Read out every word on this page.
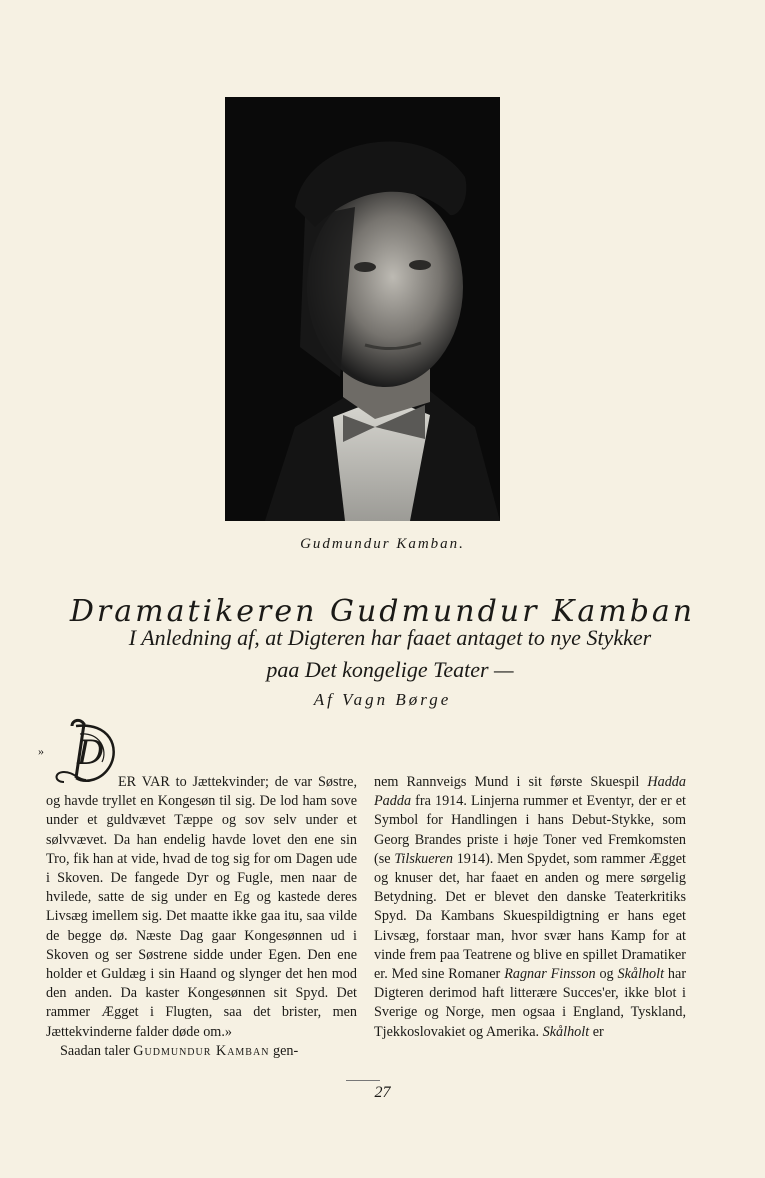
Gudmundur Kamban.
Dramatikeren Gudmundur Kamban
I Anledning af, at Digteren har faaet antaget to nye Stykker
paa Det kongelige Teater —
Af Vagn Børge
» D

ER VAR to Jættekvinder; de var Søstre, og havde tryllet en Kongesøn til sig. De lod ham sove under et guldvævet Tæppe og sov selv under et sølvvævet. Da han endelig havde lovet den ene sin Tro, fik han at vide, hvad de tog sig for om Dagen ude i Skoven. De fangede Dyr og Fugle, men naar de hvilede, satte de sig under en Eg og kastede deres Livsæg imellem sig. Det maatte ikke gaa itu, saa vilde de begge dø. Næste Dag gaar Kongesønnen ud i Skoven og ser Søstrene sidde under Egen. Den ene holder et Guldæg i sin Haand og slynger det hen mod den anden. Da kaster Kongesønnen sit Spyd. Det rammer Ægget i Flugten, saa det brister, men Jættekvinderne falder døde om.»

Saadan taler Gudmundur Kamban gen-

nem Rannveigs Mund i sit første Skuespil Hadda Padda fra 1914. Linjerna rummer et Eventyr, der er et Symbol for Handlingen i hans Debut-Stykke, som Georg Brandes priste i høje Toner ved Fremkomsten (se Tilskueren 1914). Men Spydet, som rammer Ægget og knuser det, har faaet en anden og mere sørgelig Betydning. Det er blevet den danske Teaterkritiks Spyd. Da Kambans Skuespildigtning er hans eget Livsæg, forstaar man, hvor svær hans Kamp for at vinde frem paa Teatrene og blive en spillet Dramatiker er. Med sine Romaner Ragnar Finsson og Skålholt har Digteren derimod haft litterære Succes'er, ikke blot i Sverige og Norge, men ogsaa i England, Tyskland, Tjekkoslovakiet og Amerika. Skålholt er

27
